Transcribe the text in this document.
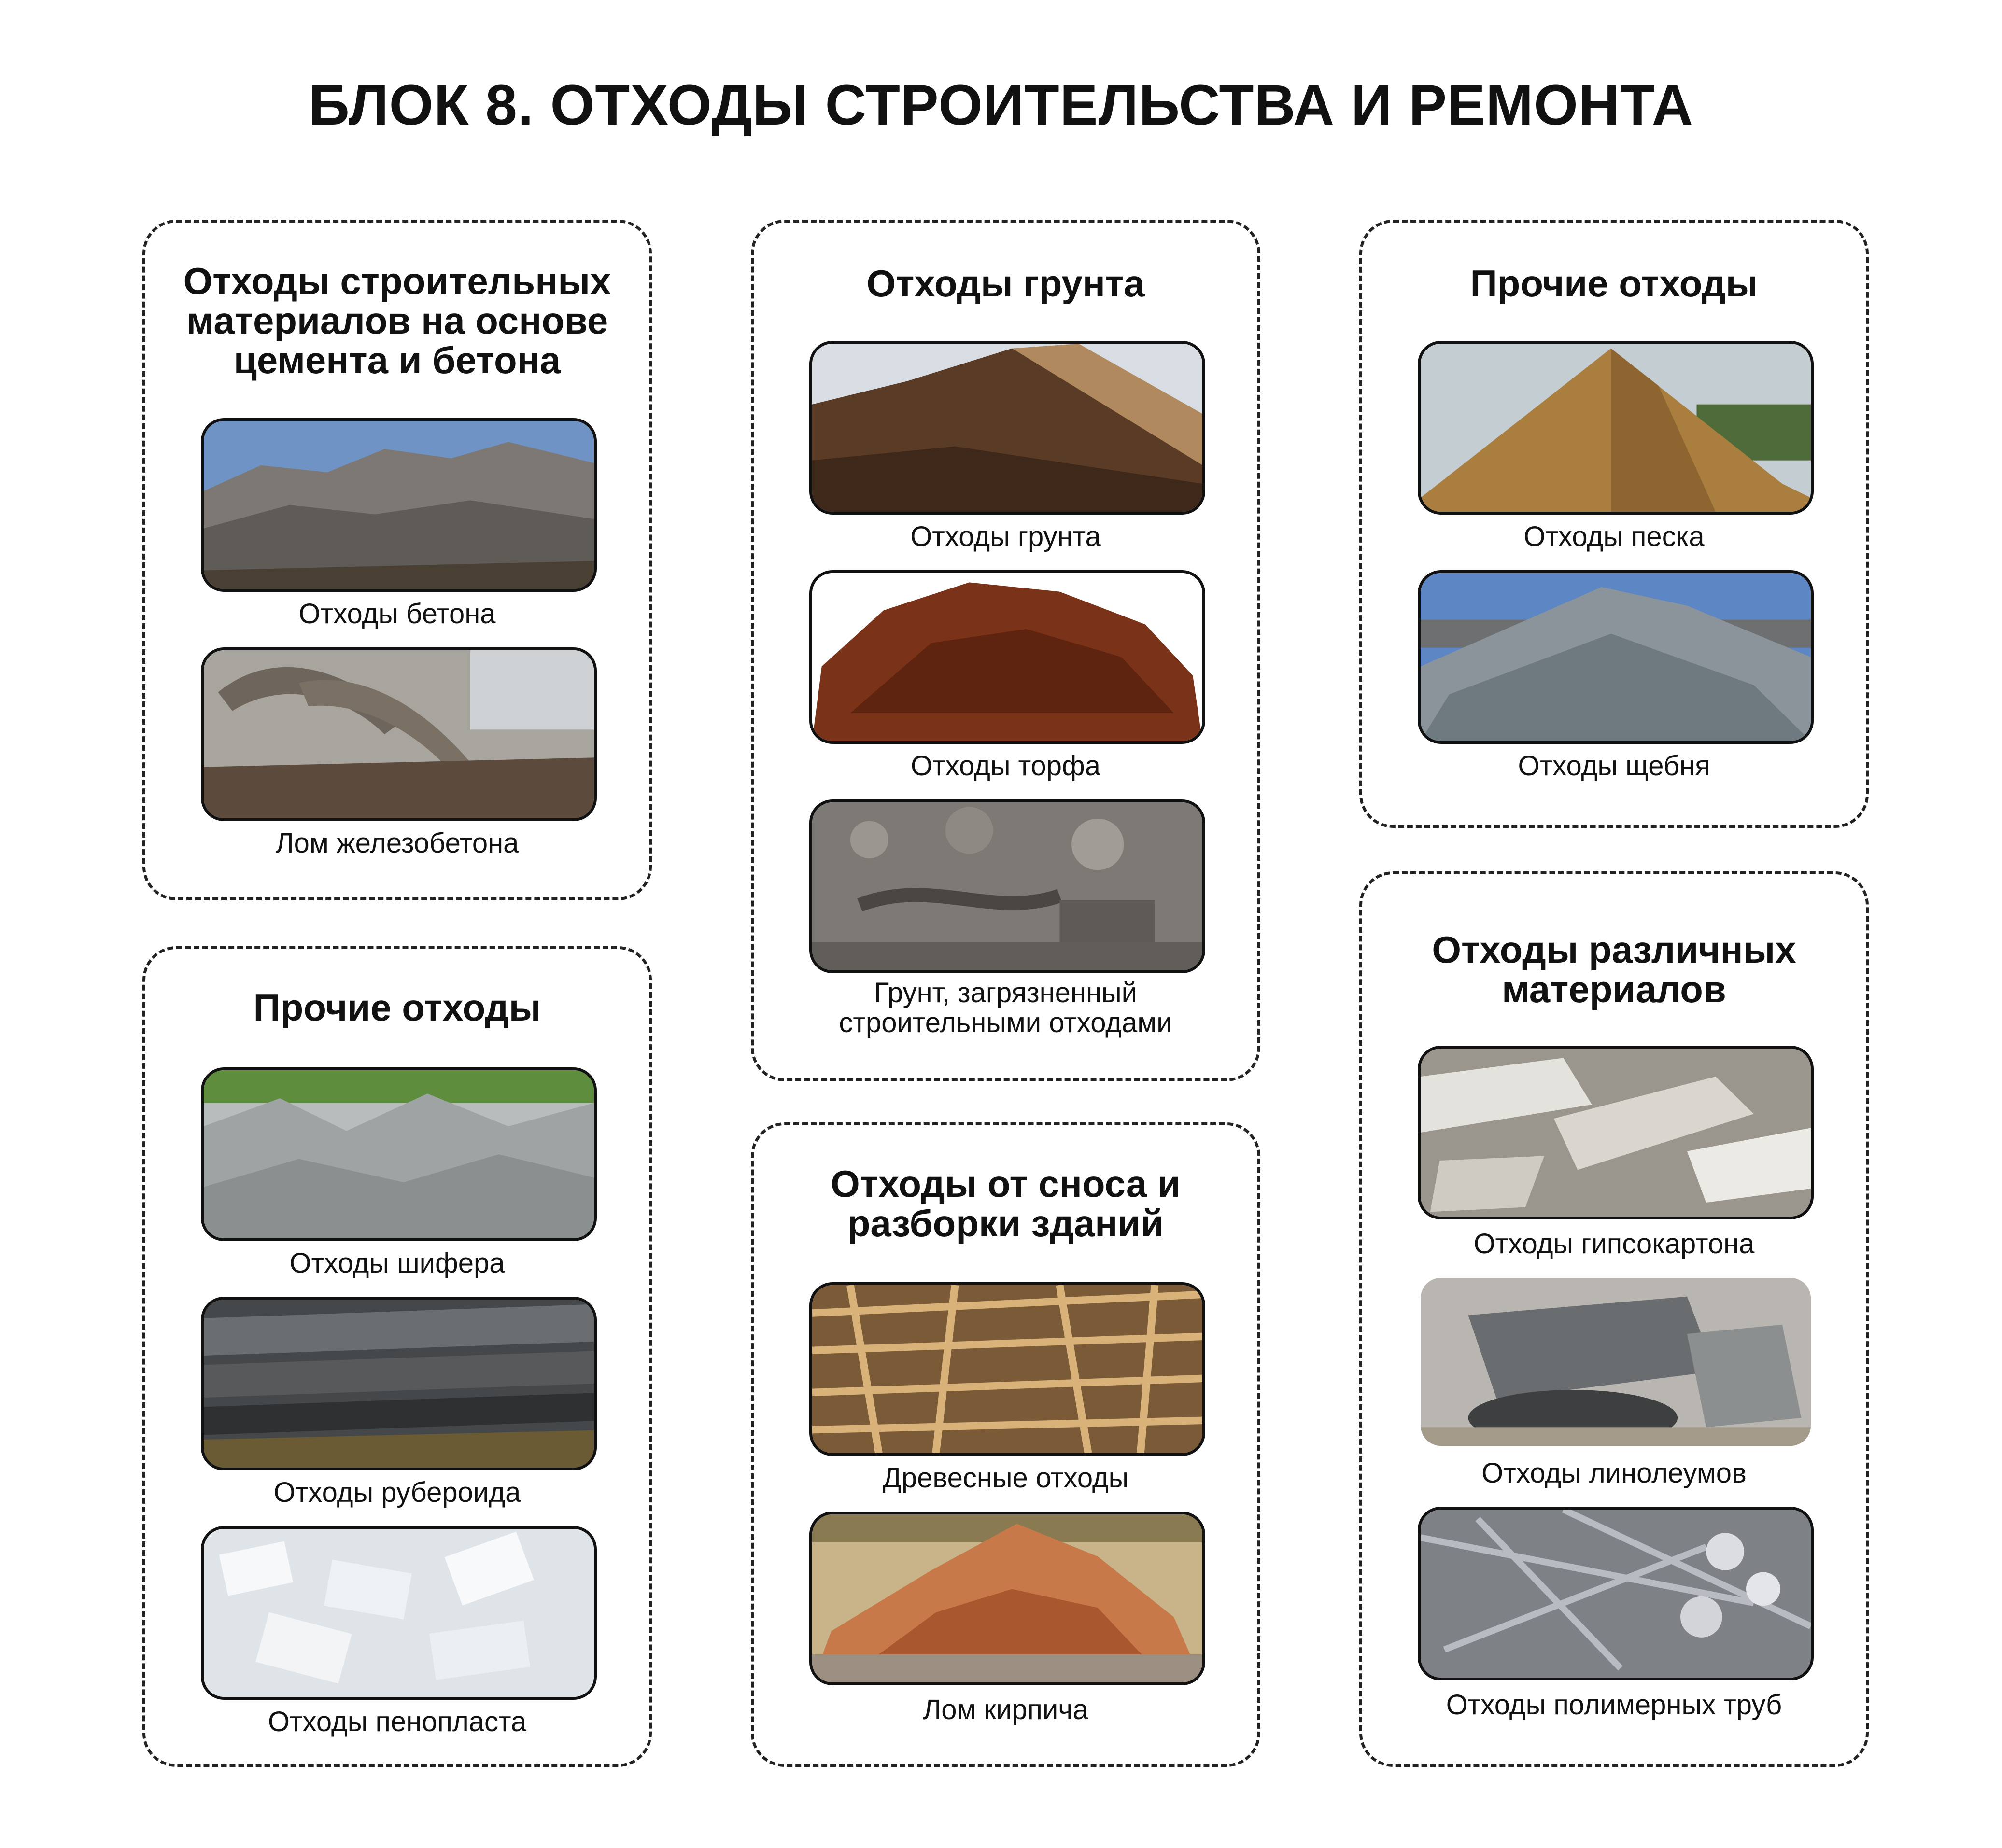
БЛОК 8. ОТХОДЫ СТРОИТЕЛЬСТВА И РЕМОНТА
Отходы строительных материалов на основе цемента и бетона
Отходы бетона
Лом железобетона
Прочие отходы
Отходы шифера
Отходы рубероида
Отходы пенопласта
Отходы грунта
Отходы грунта
Отходы торфа
Грунт, загрязненный строительными отходами
Отходы от сноса и разборки зданий
Древесные отходы
Лом кирпича
Прочие отходы
Отходы песка
Отходы щебня
Отходы различных материалов
Отходы гипсокартона
Отходы линолеумов
Отходы полимерных труб
